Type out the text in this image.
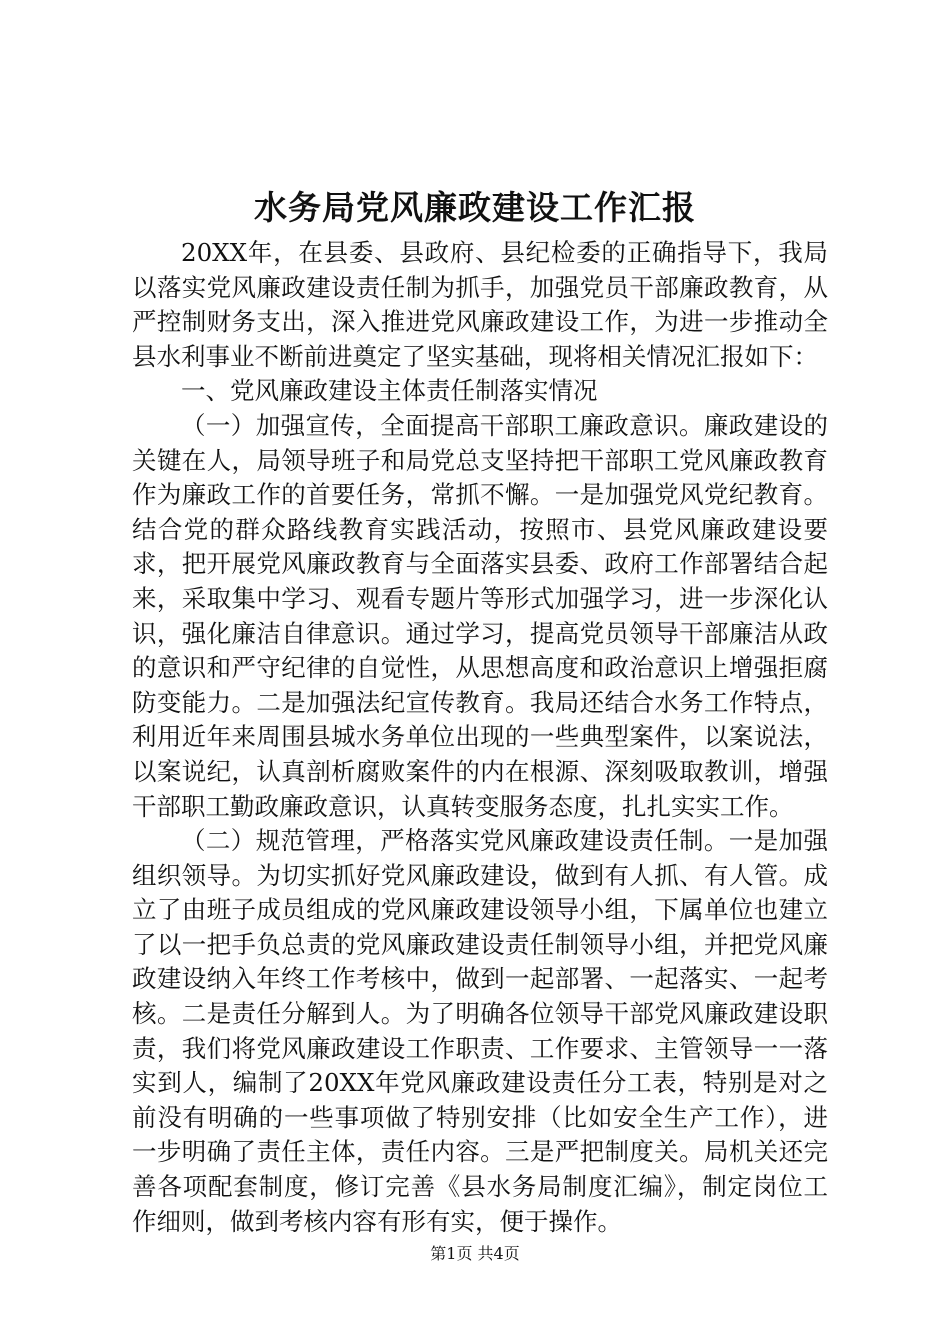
水务局党风廉政建设工作汇报

20XX年，在县委、县政府、县纪检委的正确指导下，我局以落实党风廉政建设责任制为抓手，加强党员干部廉政教育，从严控制财务支出，深入推进党风廉政建设工作，为进一步推动全县水利事业不断前进奠定了坚实基础，现将相关情况汇报如下：

一、党风廉政建设主体责任制落实情况

（一）加强宣传，全面提高干部职工廉政意识。廉政建设的关键在人，局领导班子和局党总支坚持把干部职工党风廉政教育作为廉政工作的首要任务，常抓不懈。一是加强党风党纪教育。结合党的群众路线教育实践活动，按照市、县党风廉政建设要求，把开展党风廉政教育与全面落实县委、政府工作部署结合起来，采取集中学习、观看专题片等形式加强学习，进一步深化认识，强化廉洁自律意识。通过学习，提高党员领导干部廉洁从政的意识和严守纪律的自觉性，从思想高度和政治意识上增强拒腐防变能力。二是加强法纪宣传教育。我局还结合水务工作特点，利用近年来周围县城水务单位出现的一些典型案件，以案说法，以案说纪，认真剖析腐败案件的内在根源、深刻吸取教训，增强干部职工勤政廉政意识，认真转变服务态度，扎扎实实工作。

（二）规范管理，严格落实党风廉政建设责任制。一是加强组织领导。为切实抓好党风廉政建设，做到有人抓、有人管。成立了由班子成员组成的党风廉政建设领导小组，下属单位也建立了以一把手负总责的党风廉政建设责任制领导小组，并把党风廉政建设纳入年终工作考核中，做到一起部署、一起落实、一起考核。二是责任分解到人。为了明确各位领导干部党风廉政建设职责，我们将党风廉政建设工作职责、工作要求、主管领导一一落实到人，编制了20XX年党风廉政建设责任分工表，特别是对之前没有明确的一些事项做了特别安排（比如安全生产工作），进一步明确了责任主体，责任内容。三是严把制度关。局机关还完善各项配套制度，修订完善《县水务局制度汇编》，制定岗位工作细则，做到考核内容有形有实，便于操作。

第1页 共4页
